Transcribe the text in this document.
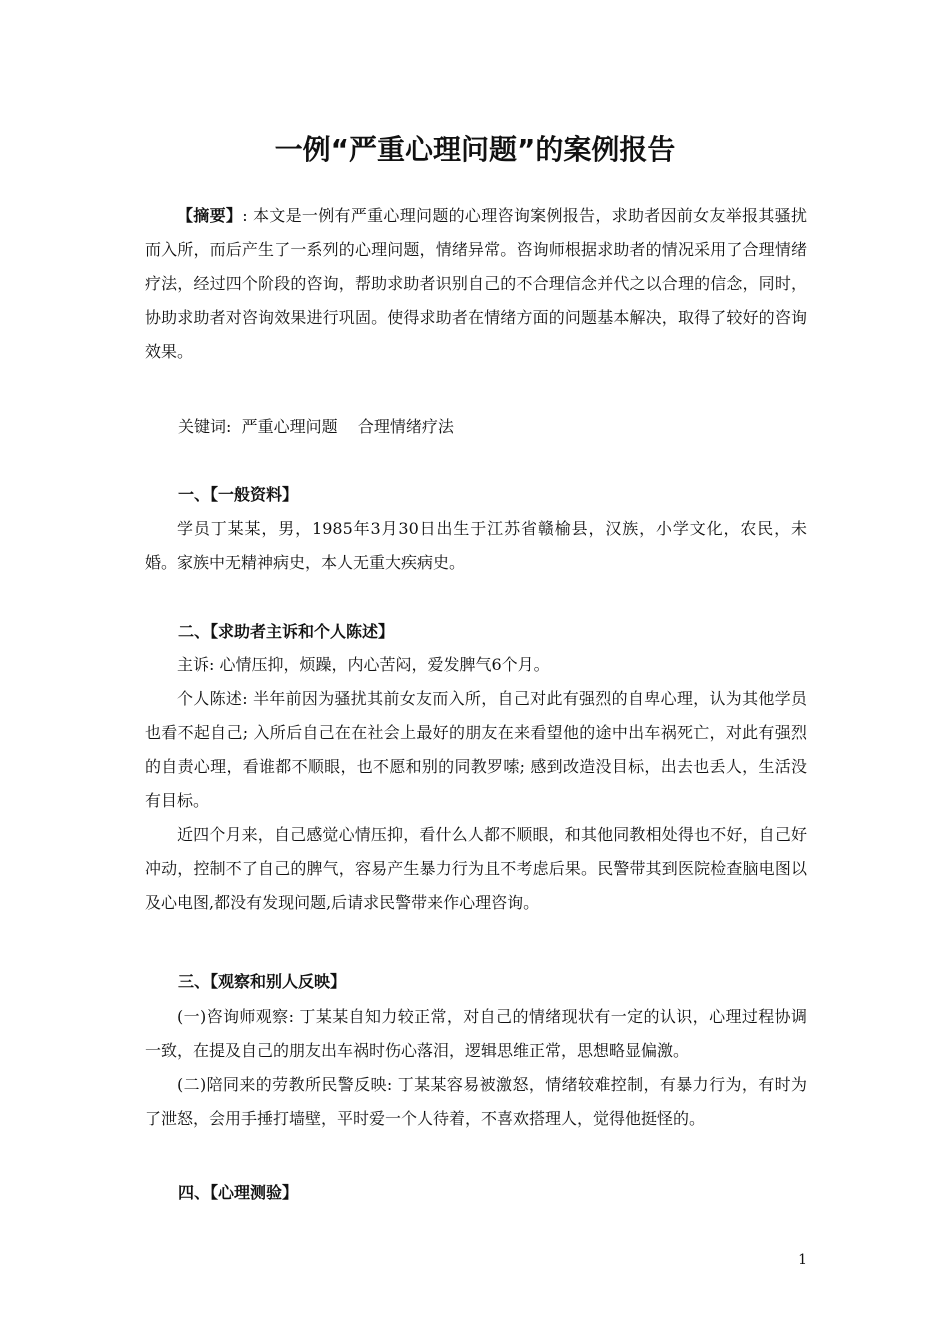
一例“严重心理问题”的案例报告

【摘要】: 本文是一例有严重心理问题的心理咨询案例报告，求助者因前女友举报其骚扰而入所，而后产生了一系列的心理问题，情绪异常。咨询师根据求助者的情况采用了合理情绪疗法，经过四个阶段的咨询，帮助求助者识别自己的不合理信念并代之以合理的信念，同时，协助求助者对咨询效果进行巩固。使得求助者在情绪方面的问题基本解决，取得了较好的咨询效果。

关键词:  严重心理问题    合理情绪疗法
一、【一般资料】

学员丁某某，男，1985年3月30日出生于江苏省赣榆县，汉族，小学文化，农民，未婚。家族中无精神病史，本人无重大疾病史。

二、【求助者主诉和个人陈述】

主诉: 心情压抑，烦躁，内心苦闷，爱发脾气6个月。

个人陈述: 半年前因为骚扰其前女友而入所，自己对此有强烈的自卑心理，认为其他学员也看不起自己; 入所后自己在在社会上最好的朋友在来看望他的途中出车祸死亡，对此有强烈的自责心理，看谁都不顺眼，也不愿和别的同教罗嗦; 感到改造没目标，出去也丢人，生活没有目标。

近四个月来，自己感觉心情压抑，看什么人都不顺眼，和其他同教相处得也不好，自己好冲动，控制不了自己的脾气，容易产生暴力行为且不考虑后果。民警带其到医院检查脑电图以及心电图,都没有发现问题,后请求民警带来作心理咨询。

三、【观察和别人反映】

(一)咨询师观察: 丁某某自知力较正常，对自己的情绪现状有一定的认识，心理过程协调一致，在提及自己的朋友出车祸时伤心落泪，逻辑思维正常，思想略显偏激。

(二)陪同来的劳教所民警反映: 丁某某容易被激怒，情绪较难控制，有暴力行为，有时为了泄怒，会用手捶打墙壁，平时爱一个人待着，不喜欢搭理人，觉得他挺怪的。

四、【心理测验】
1
